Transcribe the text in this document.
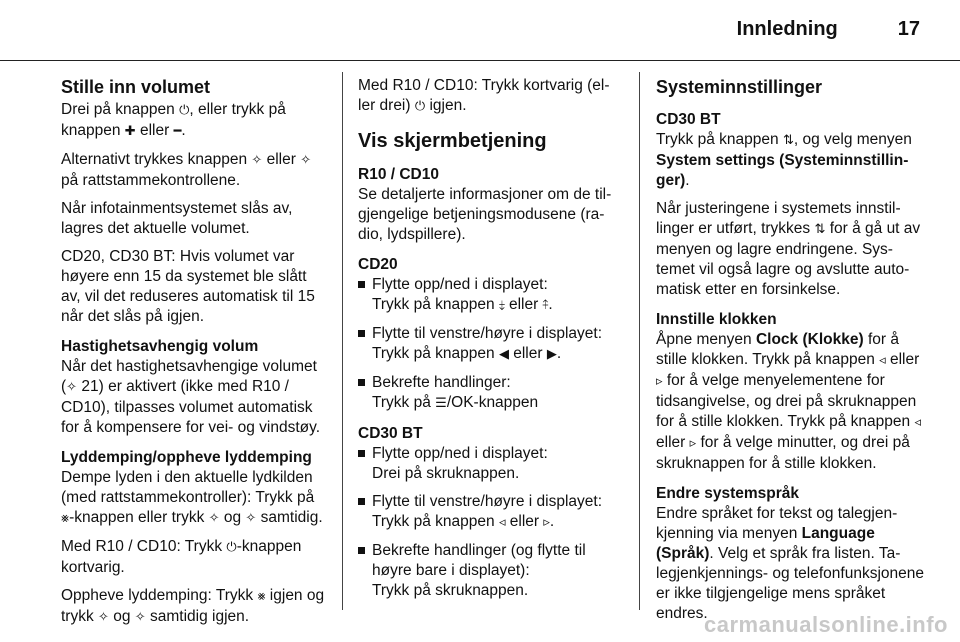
Innledning	17
Stille inn volumet

Drei på knappen ⏻, eller trykk på knappen ✚ eller ━.

Alternativt trykkes knappen ✧ eller ✧ på rattstammekontrollene.

Når infotainmentsystemet slås av, lagres det aktuelle volumet.

CD20, CD30 BT: Hvis volumet var høyere enn 15 da systemet ble slått av, vil det reduseres automatisk til 15 når det slås på igjen.

Hastighetsavhengig volum

Når det hastighetsavhengige volumet (✧ 21) er aktivert (ikke med R10 / CD10), tilpasses volumet automatisk for å kompensere for vei- og vindstøy.

Lyddemping/oppheve lyddemping

Dempe lyden i den aktuelle lydkilden (med rattstammekontroller): Trykk på ⨳-knappen eller trykk ✧ og ✧ samtidig.

Med R10 / CD10: Trykk ⏻-knappen kortvarig.

Oppheve lyddemping: Trykk ⨳ igjen og trykk ✧ og ✧ samtidig igjen.

Med R10 / CD10: Trykk kortvarig (eller drei) ⏻ igjen.

Vis skjermbetjening
R10 / CD10

Se detaljerte informasjoner om de tilgjengelige betjeningsmodusene (radio, lydspillere).

CD20
Flytte opp/ned i displayet:
Trykk på knappen ⤈ eller ⤉.
Flytte til venstre/høyre i displayet:
Trykk på knappen ◀ eller ▶.
Bekrefte handlinger:
Trykk på ☰/OK-knappen
CD30 BT
Flytte opp/ned i displayet:
Drei på skruknappen.
Flytte til venstre/høyre i displayet:
Trykk på knappen ◃ eller ▹.
Bekrefte handlinger (og flytte til høyre bare i displayet):
Trykk på skruknappen.
Systeminnstillinger
CD30 BT

Trykk på knappen ⇅, og velg menyen System settings (Systeminnstillinger).

Når justeringene i systemets innstillinger er utført, trykkes ⇅ for å gå ut av menyen og lagre endringene. Systemet vil også lagre og avslutte automatisk etter en forsinkelse.

Innstille klokken

Åpne menyen Clock (Klokke) for å stille klokken. Trykk på knappen ◃ eller ▹ for å velge menyelementene for tidsangivelse, og drei på skruknappen for å stille klokken. Trykk på knappen ◃ eller ▹ for å velge minutter, og drei på skruknappen for å stille klokken.

Endre systemspråk

Endre språket for tekst og talegjenkjenning via menyen Language (Språk). Velg et språk fra listen. Talegjenkjennings- og telefonfunksjonene er ikke tilgjengelige mens språket endres.

carmanualsonline.info
